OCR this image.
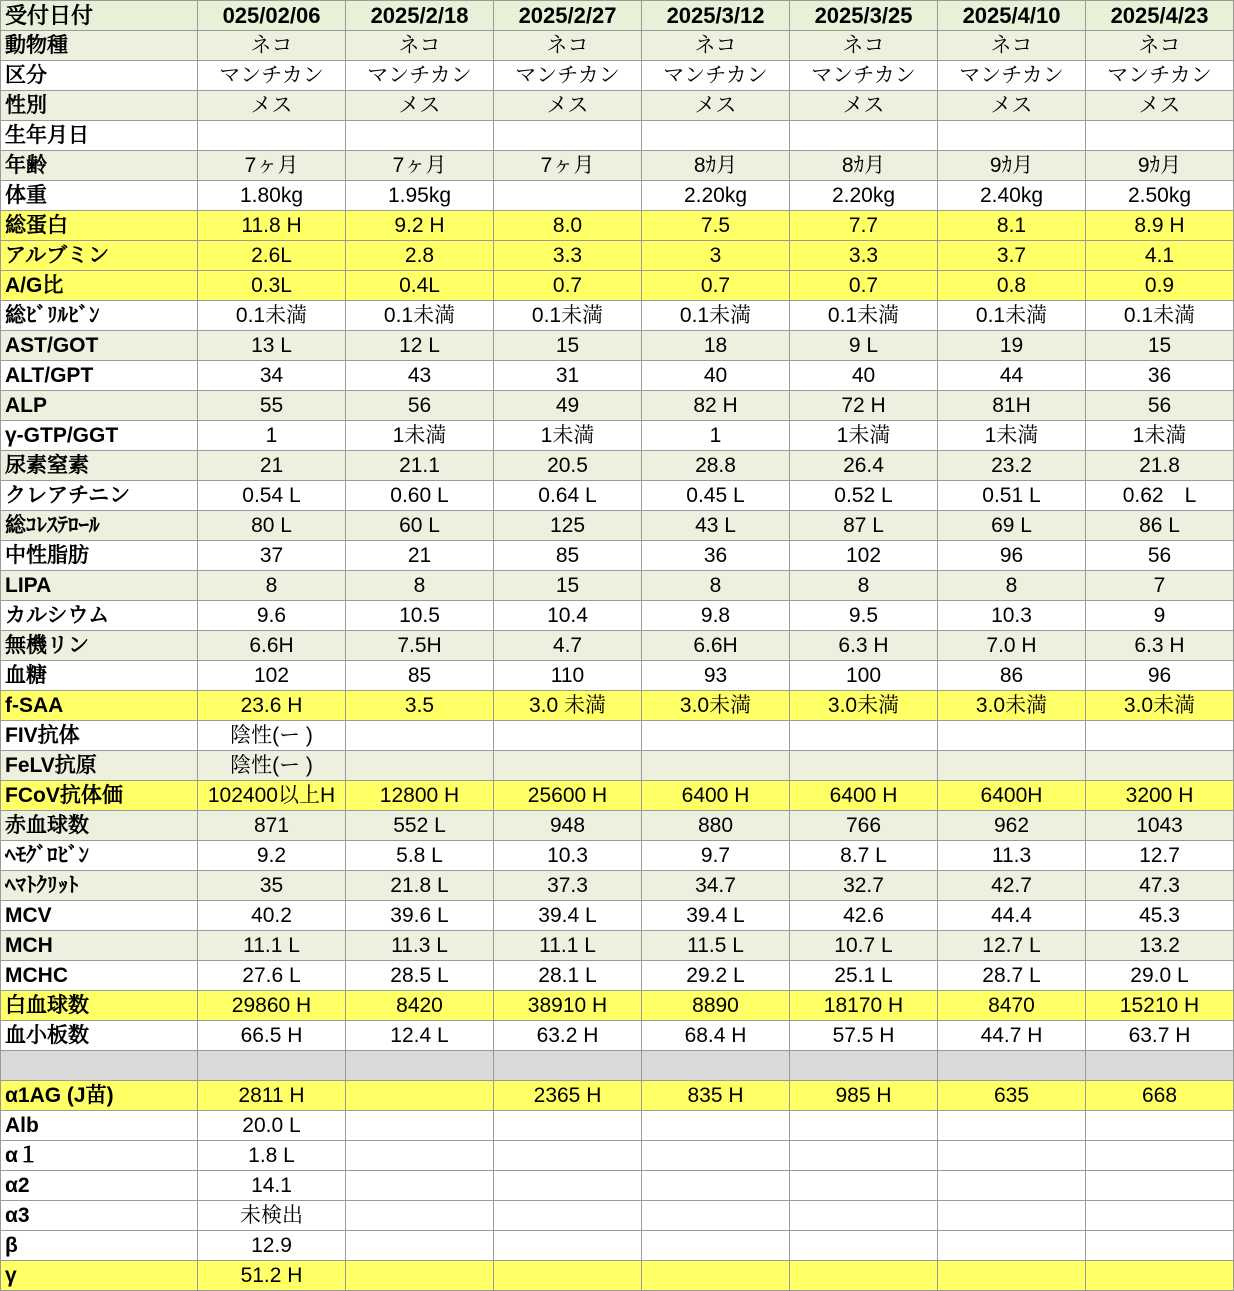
受付日付	025/02/06	2025/2/18	2025/2/27	2025/3/12	2025/3/25	2025/4/10	2025/4/23
動物種	ネコ	ネコ	ネコ	ネコ	ネコ	ネコ	ネコ
区分	マンチカン	マンチカン	マンチカン	マンチカン	マンチカン	マンチカン	マンチカン
性別	メス	メス	メス	メス	メス	メス	メス
生年月日							
年齢	7ヶ月	7ヶ月	7ヶ月	8ｶ月	8ｶ月	9ｶ月	9ｶ月
体重	1.80kg	1.95kg		2.20kg	2.20kg	2.40kg	2.50kg
総蛋白	11.8 H	9.2 H	8.0	7.5	7.7	8.1	8.9 H
アルブミン	2.6L	2.8	3.3	3	3.3	3.7	4.1
A/G比	0.3L	0.4L	0.7	0.7	0.7	0.8	0.9
総ﾋﾞﾘﾙﾋﾞﾝ	0.1未満	0.1未満	0.1未満	0.1未満	0.1未満	0.1未満	0.1未満
AST/GOT	13 L	12 L	15	18	9 L	19	15
ALT/GPT	34	43	31	40	40	44	36
ALP	55	56	49	82 H	72 H	81H	56
γ-GTP/GGT	1	1未満	1未満	1	1未満	1未満	1未満
尿素窒素	21	21.1	20.5	28.8	26.4	23.2	21.8
クレアチニン	0.54 L	0.60 L	0.64 L	0.45 L	0.52 L	0.51 L	0.62　L
総ｺﾚｽﾃﾛｰﾙ	80 L	60 L	125	43 L	87 L	69 L	86 L
中性脂肪	37	21	85	36	102	96	56
LIPA	8	8	15	8	8	8	7
カルシウム	9.6	10.5	10.4	9.8	9.5	10.3	9
無機リン	6.6H	7.5H	4.7	6.6H	6.3 H	7.0 H	6.3 H
血糖	102	85	110	93	100	86	96
f-SAA	23.6 H	3.5	3.0 未満	3.0未満	3.0未満	3.0未満	3.0未満
FIV抗体	陰性(ー )						
FeLV抗原	陰性(ー )						
FCoV抗体価	102400以上H	12800 H	25600 H	6400 H	6400 H	6400H	3200 H
赤血球数	871	552 L	948	880	766	962	1043
ﾍﾓｸﾞﾛﾋﾞﾝ	9.2	5.8 L	10.3	9.7	8.7 L	11.3	12.7
ﾍﾏﾄｸﾘｯﾄ	35	21.8 L	37.3	34.7	32.7	42.7	47.3
MCV	40.2	39.6 L	39.4 L	39.4 L	42.6	44.4	45.3
MCH	11.1 L	11.3 L	11.1 L	11.5 L	10.7 L	12.7 L	13.2
MCHC	27.6 L	28.5 L	28.1 L	29.2 L	25.1 L	28.7 L	29.0 L
白血球数	29860 H	8420	38910 H	8890	18170 H	8470	15210 H
血小板数	66.5 H	12.4 L	63.2 H	68.4 H	57.5 H	44.7 H	63.7 H

α1AG (J苗)	2811 H		2365 H	835 H	985 H	635	668
Alb	20.0 L						
α１	1.8 L						
α2	14.1						
α3	未検出						
β	12.9						
γ	51.2 H						
